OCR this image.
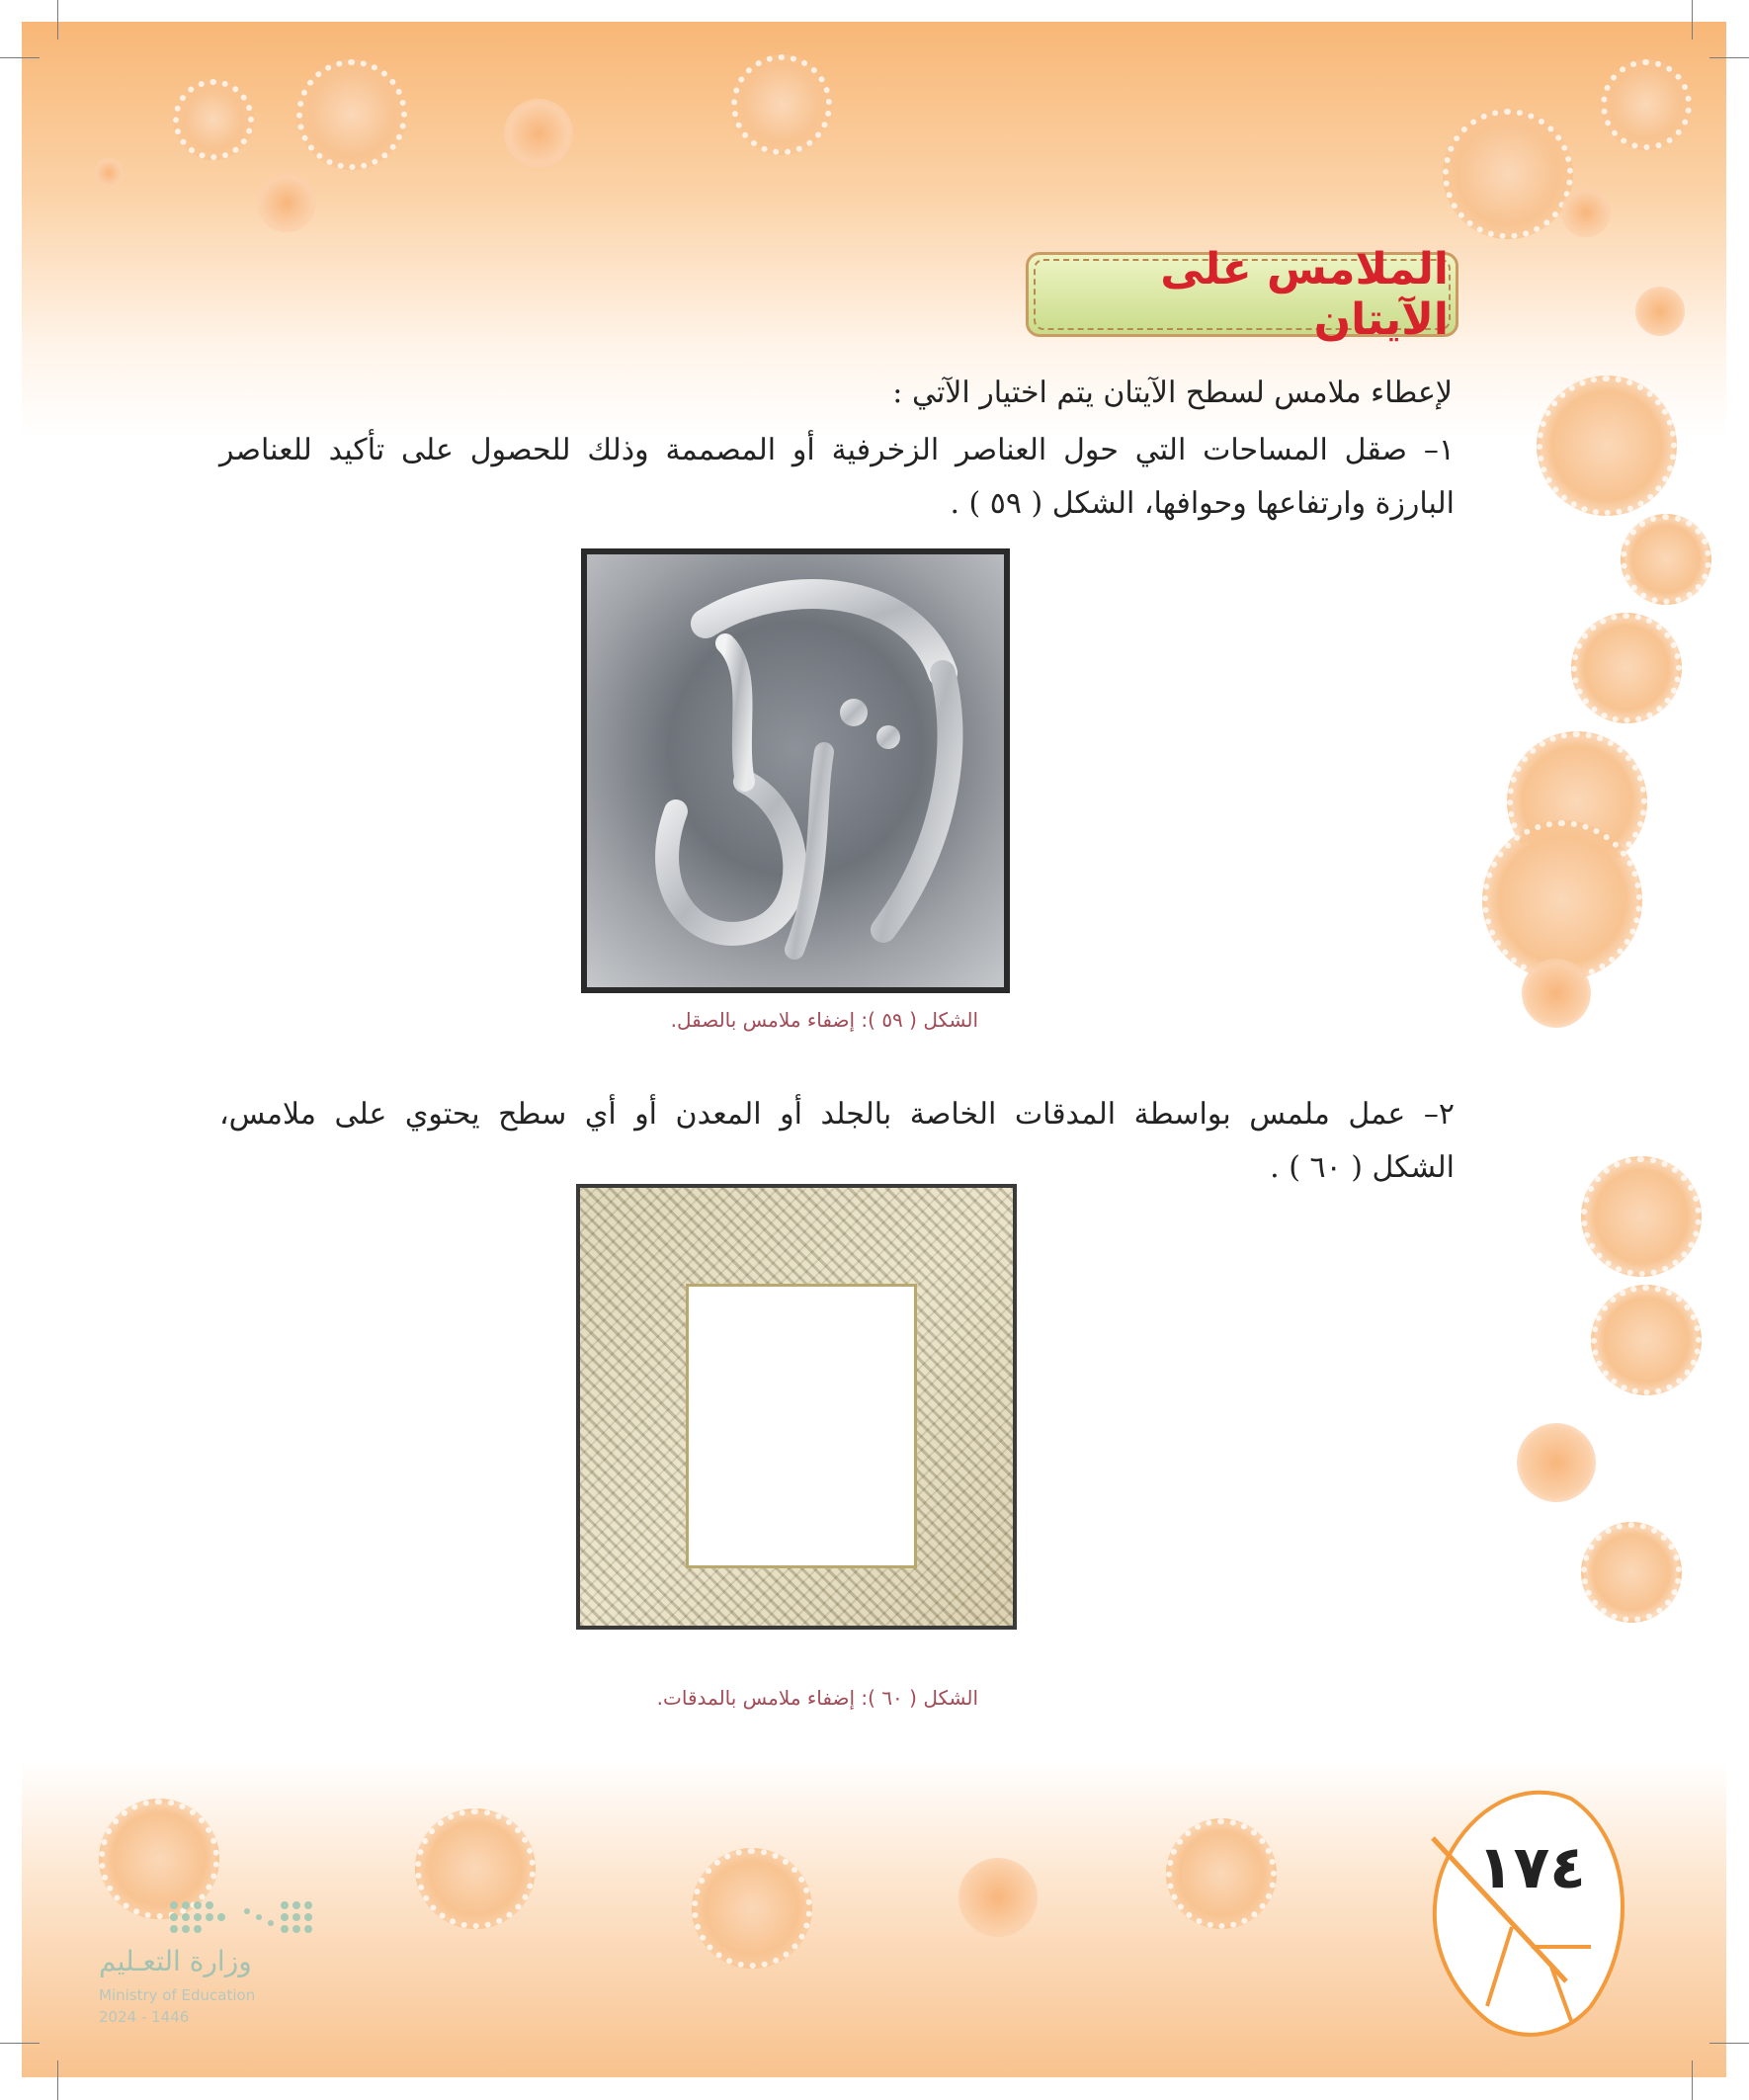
الملامس على الآيتان
لإعطاء ملامس لسطح الآيتان يتم اختيار الآتي :
١– صقل المساحات التي حول العناصر الزخرفية أو المصممة وذلك للحصول على تأكيد للعناصر
البارزة وارتفاعها وحوافها، الشكل ( ٥٩ ) .
الشكل ( ٥٩ ): إضفاء ملامس بالصقل.
٢– عمل ملمس بواسطة المدقات الخاصة بالجلد أو المعدن أو أي سطح يحتوي على ملامس،
الشكل ( ٦٠ ) .
الشكل ( ٦٠ ): إضفاء ملامس بالمدقات.
١٧٤
وزارة التعـليم
Ministry of Education
2024 - 1446
